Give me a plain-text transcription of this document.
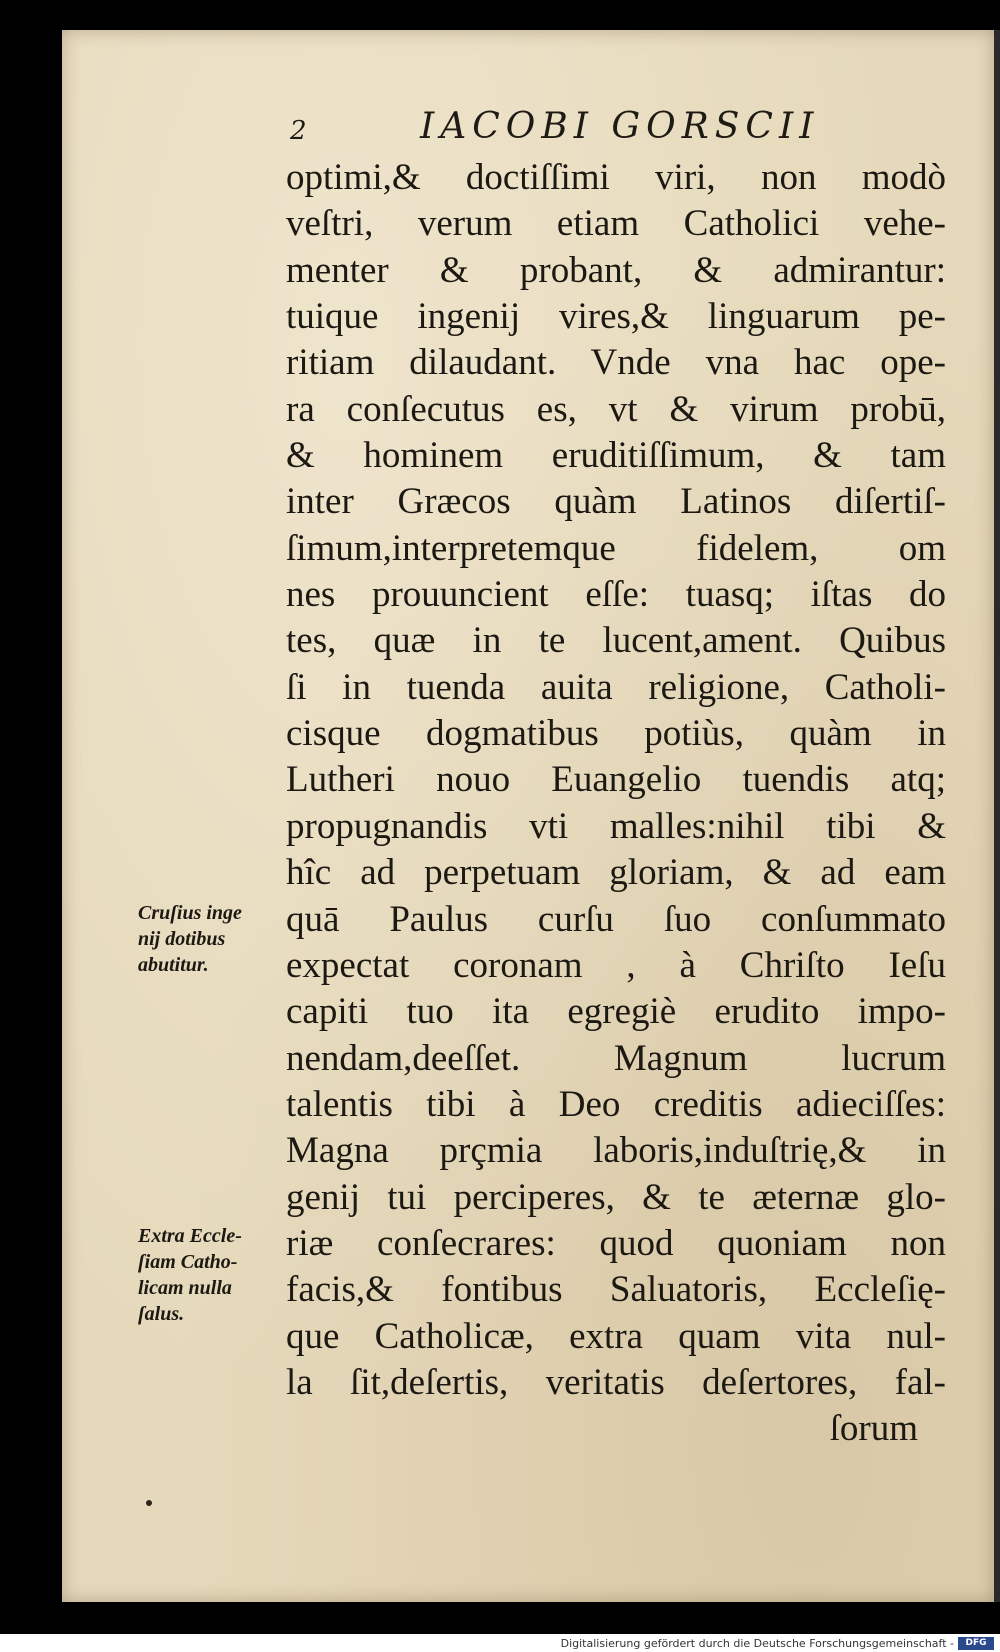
2	IACOBI GORSCII
optimi,& doctiſſimi viri, non modò
veſtri, verum etiam Catholici vehe-
menter & probant, & admirantur:
tuique ingenij vires,& linguarum pe-
ritiam dilaudant. Vnde vna hac ope-
ra conſecutus es, vt & virum probū,
& hominem eruditiſſimum, & tam
inter Græcos quàm Latinos diſertiſ-
ſimum,interpretemque fidelem, om
nes prouuncient eſſe: tuasq; iſtas do
tes, quæ in te lucent,ament. Quibus
ſi in tuenda auita religione, Catholi-
cisque dogmatibus potiùs, quàm in
Lutheri nouo Euangelio tuendis atq;
propugnandis vti malles:nihil tibi &
hîc ad perpetuam gloriam, & ad eam
quā Paulus curſu ſuo conſummato
expectat coronam , à Chriſto Ieſu
capiti tuo ita egregiè erudito impo-
nendam,deeſſet. Magnum lucrum
talentis tibi à Deo creditis adieciſſes:
Magna prçmia laboris,induſtrię,& in
genij tui perciperes, & te æternæ glo-
riæ conſecrares: quod quoniam non
facis,& fontibus Saluatoris, Eccleſię-
que Catholicæ, extra quam vita nul-
la ſit,deſertis, veritatis deſertores, fal-
ſorum
Cruſius inge
nij dotibus
abutitur.
Extra Eccle-
ſiam Catho-
licam nulla
ſalus.
Digitalisierung gefördert durch die Deutsche Forschungsgemeinschaft -	DFG
